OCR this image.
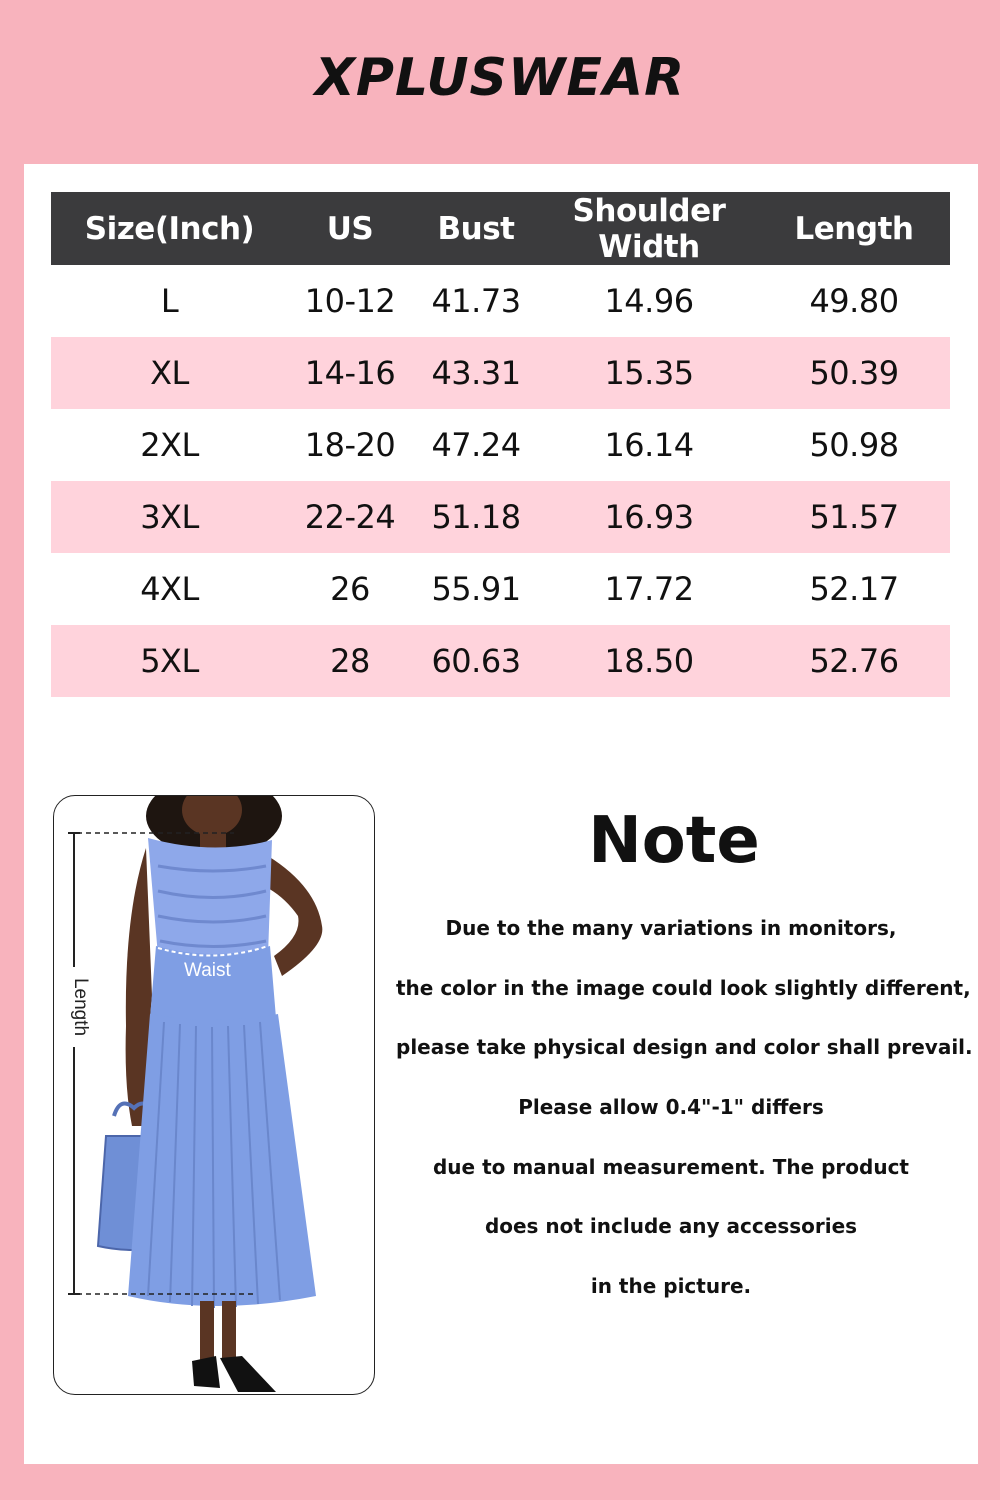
XPLUSWEAR
Size(Inch)	US	Bust	Shoulder Width	Length
L	10-12	41.73	14.96	49.80
XL	14-16	43.31	15.35	50.39
2XL	18-20	47.24	16.14	50.98
3XL	22-24	51.18	16.93	51.57
4XL	26	55.91	17.72	52.17
5XL	28	60.63	18.50	52.76
Length
Waist
Note
Due to the many variations in monitors,
the color in the image could look slightly different,
please take physical design and color shall prevail.
Please allow 0.4"-1" differs
due to manual measurement. The product
does not include any accessories
in the picture.
